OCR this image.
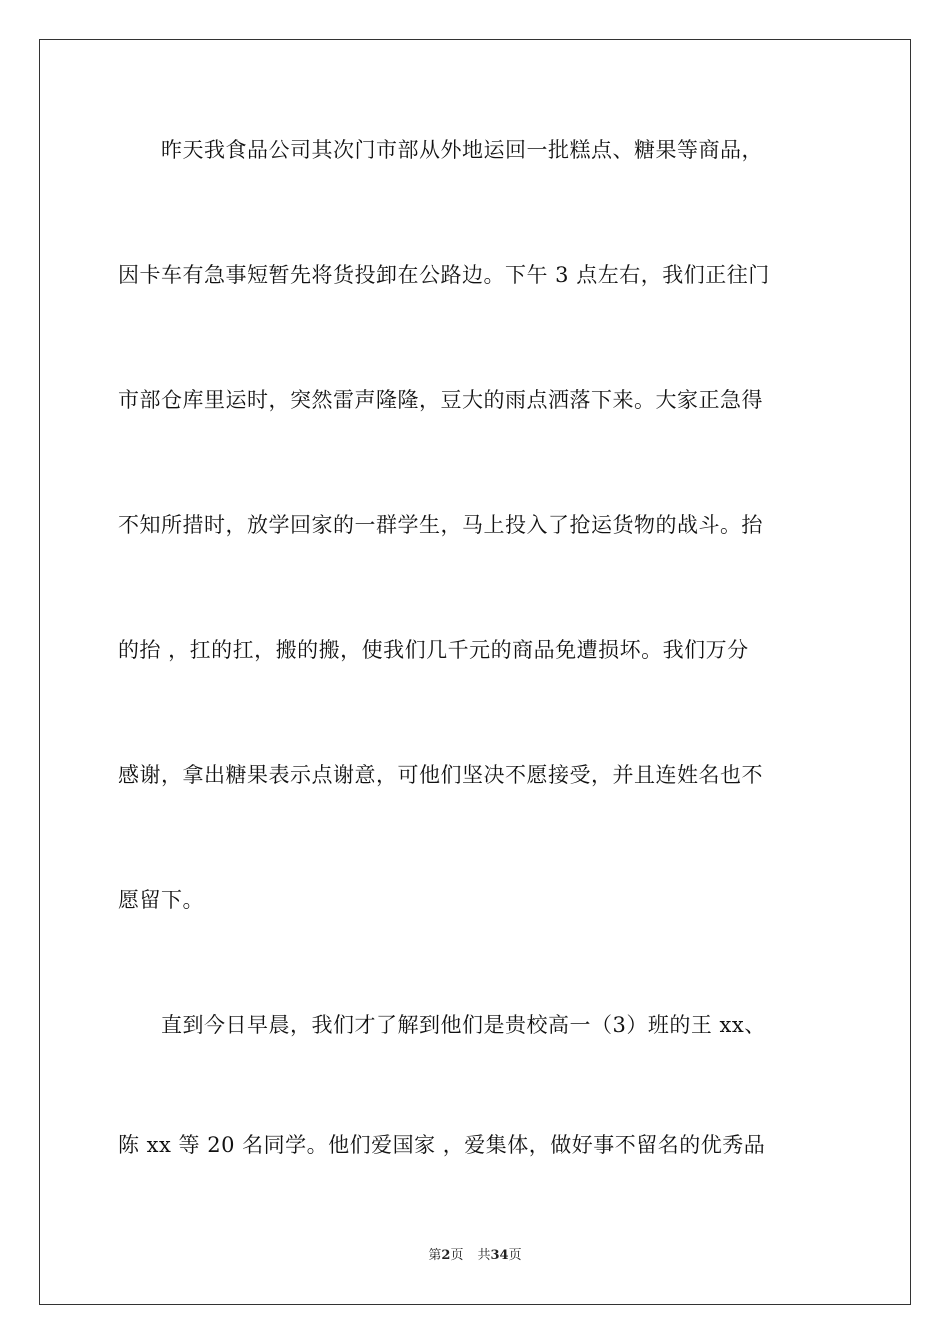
　　昨天我食品公司其次门市部从外地运回一批糕点、糖果等商品，
因卡车有急事短暂先将货投卸在公路边。下午 3 点左右，我们正往门
市部仓库里运时，突然雷声隆隆，豆大的雨点洒落下来。大家正急得
不知所措时，放学回家的一群学生，马上投入了抢运货物的战斗。抬
的抬 ，扛的扛，搬的搬，使我们几千元的商品免遭损坏。我们万分
感谢，拿出糖果表示点谢意，可他们坚决不愿接受，并且连姓名也不
愿留下。
　　直到今日早晨，我们才了解到他们是贵校高一（3）班的王 xx、
陈 xx 等 20 名同学。他们爱国家 ，爱集体，做好事不留名的优秀品
第2页 共34页
